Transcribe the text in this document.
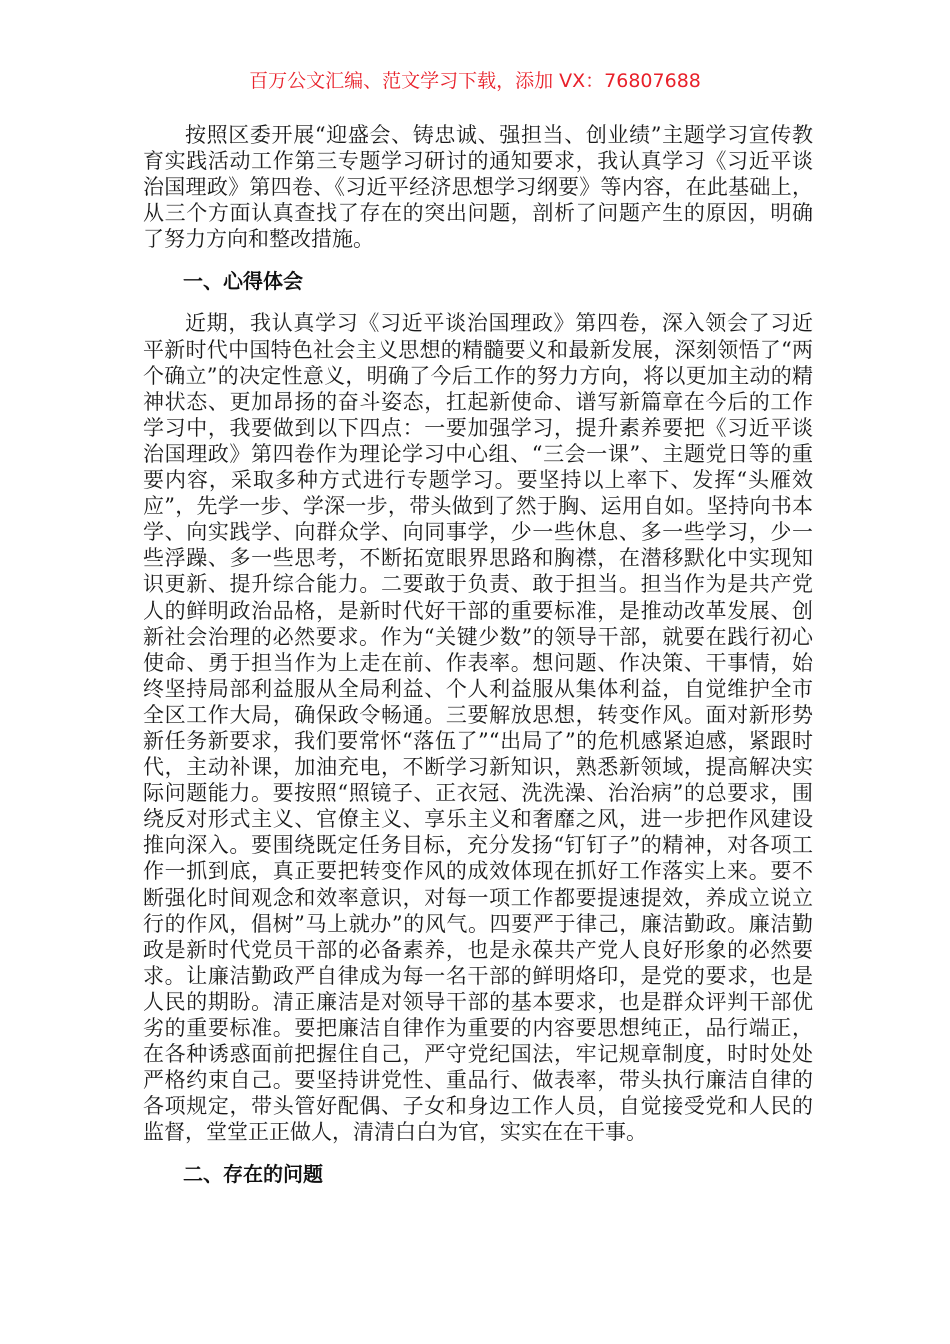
百万公文汇编、范文学习下载，添加 VX：76807688

按照区委开展“迎盛会、铸忠诚、强担当、创业绩”主题学习宣传教育实践活动工作第三专题学习研讨的通知要求，我认真学习《习近平谈治国理政》第四卷、《习近平经济思想学习纲要》等内容，在此基础上，从三个方面认真查找了存在的突出问题，剖析了问题产生的原因，明确了努力方向和整改措施。

一、心得体会

近期，我认真学习《习近平谈治国理政》第四卷，深入领会了习近平新时代中国特色社会主义思想的精髓要义和最新发展，深刻领悟了“两个确立”的决定性意义，明确了今后工作的努力方向，将以更加主动的精神状态、更加昂扬的奋斗姿态，扛起新使命、谱写新篇章在今后的工作学习中，我要做到以下四点：一要加强学习，提升素养要把《习近平谈治国理政》第四卷作为理论学习中心组、“三会一课”、主题党日等的重要内容，采取多种方式进行专题学习。要坚持以上率下、发挥“头雁效应”，先学一步、学深一步，带头做到了然于胸、运用自如。坚持向书本学、向实践学、向群众学、向同事学，少一些休息、多一些学习，少一些浮躁、多一些思考，不断拓宽眼界思路和胸襟，在潜移默化中实现知识更新、提升综合能力。二要敢于负责、敢于担当。担当作为是共产党人的鲜明政治品格，是新时代好干部的重要标准，是推动改革发展、创新社会治理的必然要求。作为“关键少数”的领导干部，就要在践行初心使命、勇于担当作为上走在前、作表率。想问题、作决策、干事情，始终坚持局部利益服从全局利益、个人利益服从集体利益，自觉维护全市全区工作大局，确保政令畅通。三要解放思想，转变作风。面对新形势新任务新要求，我们要常怀“落伍了”“出局了”的危机感紧迫感，紧跟时代，主动补课，加油充电，不断学习新知识，熟悉新领域，提高解决实际问题能力。要按照“照镜子、正衣冠、洗洗澡、治治病”的总要求，围绕反对形式主义、官僚主义、享乐主义和奢靡之风，进一步把作风建设推向深入。要围绕既定任务目标，充分发扬“钉钉子”的精神，对各项工作一抓到底，真正要把转变作风的成效体现在抓好工作落实上来。要不断强化时间观念和效率意识，对每一项工作都要提速提效，养成立说立行的作风，倡树”马上就办”的风气。四要严于律己，廉洁勤政。廉洁勤政是新时代党员干部的必备素养，也是永葆共产党人良好形象的必然要求。让廉洁勤政严自律成为每一名干部的鲜明烙印，是党的要求，也是人民的期盼。清正廉洁是对领导干部的基本要求，也是群众评判干部优劣的重要标准。要把廉洁自律作为重要的内容要思想纯正，品行端正，在各种诱惑面前把握住自己，严守党纪国法，牢记规章制度，时时处处严格约束自己。要坚持讲党性、重品行、做表率，带头执行廉洁自律的各项规定，带头管好配偶、子女和身边工作人员，自觉接受党和人民的监督，堂堂正正做人，清清白白为官，实实在在干事。

二、存在的问题
